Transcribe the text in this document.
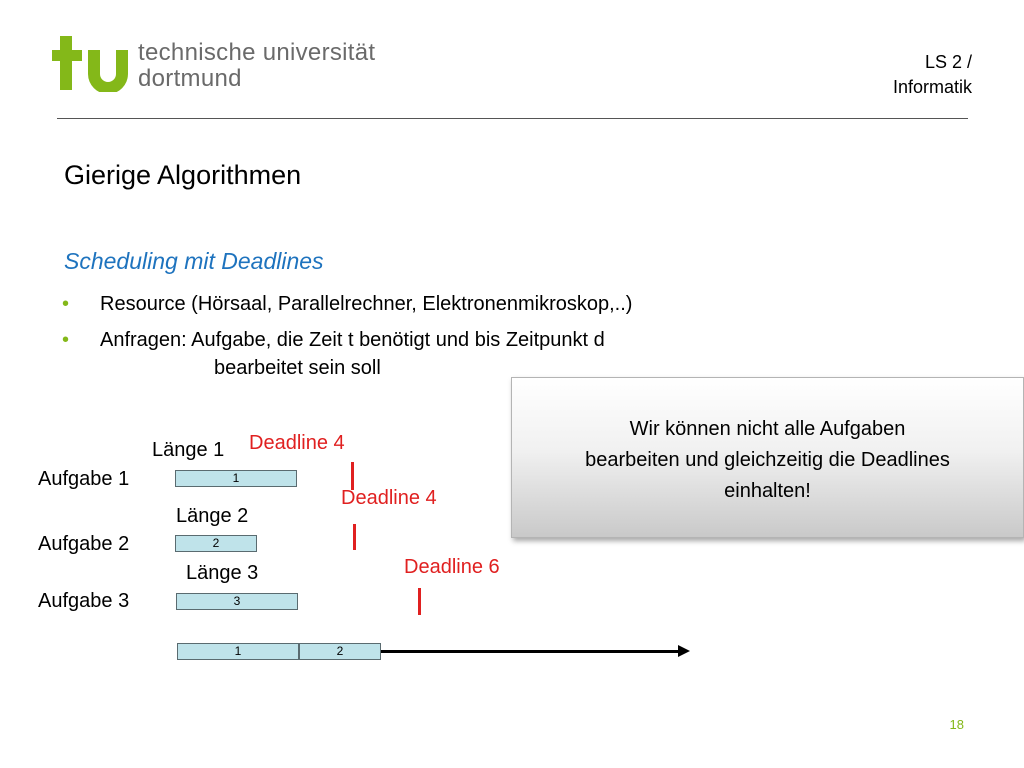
technische universität
dortmund
LS 2 /
Informatik
Gierige Algorithmen
Scheduling mit Deadlines
•	Resource (Hörsaal, Parallelrechner, Elektronenmikroskop,..)
•	Anfragen: Aufgabe, die Zeit t benötigt und bis Zeitpunkt d
bearbeitet sein soll
Wir können nicht alle Aufgaben bearbeiten und gleichzeitig die Deadlines einhalten!
Länge 1 Deadline 4
Aufgabe 1	1
Deadline 4
Länge 2
Aufgabe 2	2
Deadline 6
Länge 3
Aufgabe 3	3
1	2
18
